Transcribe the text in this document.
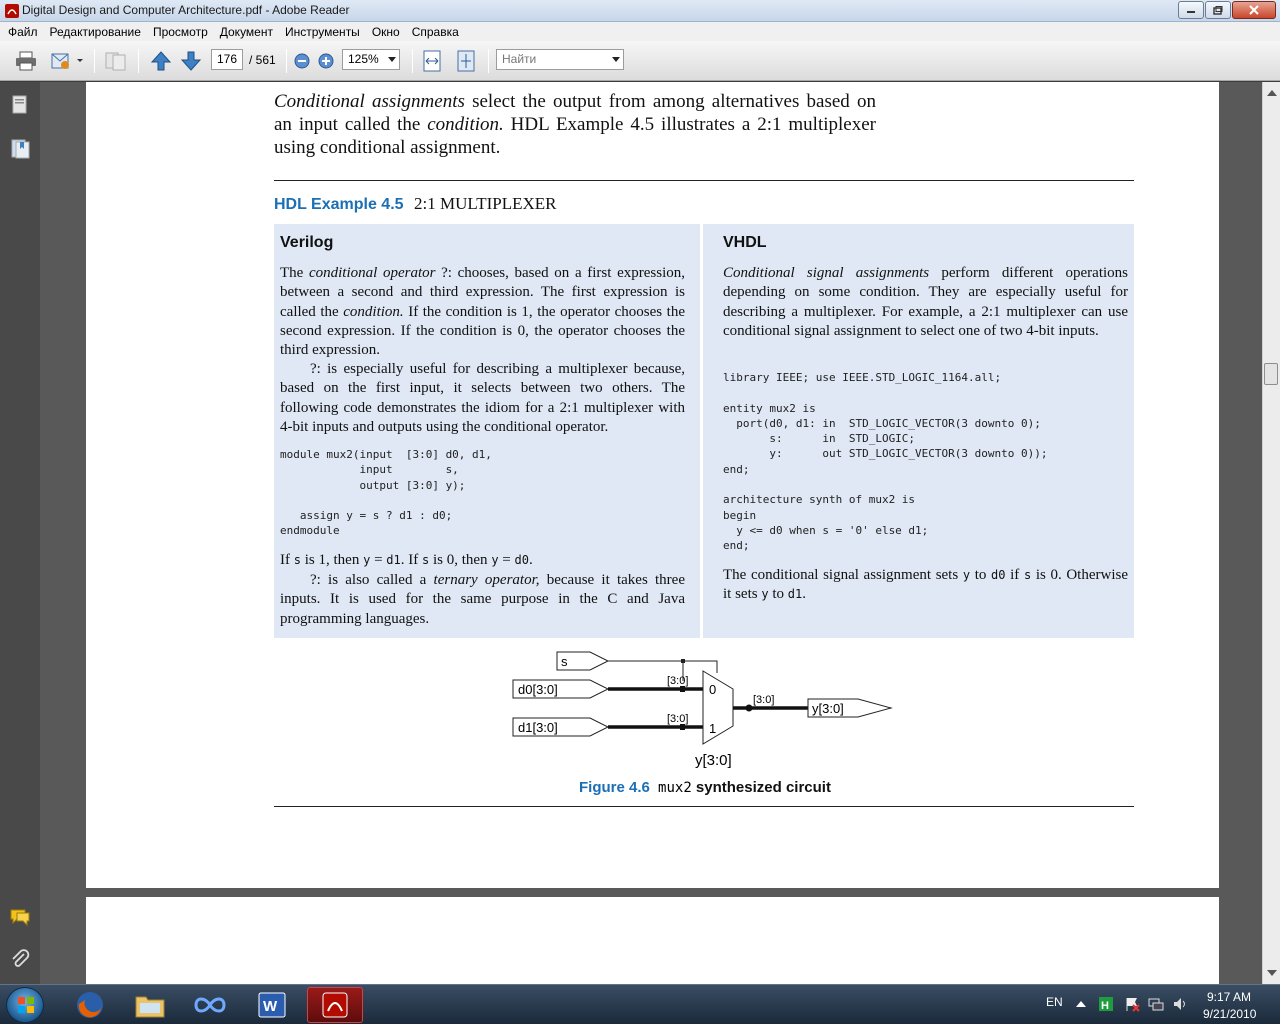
Digital Design and Computer Architecture.pdf - Adobe Reader
Файл	Редактирование	Просмотр	Документ	Инструменты	Окно	Справка
176 / 561	125%	Найти
Conditional assignments select the output from among alternatives based on an input called the condition. HDL Example 4.5 illustrates a 2:1 multiplexer using conditional assignment.
HDL Example 4.5 2:1 MULTIPLEXER
Verilog
The conditional operator ?: chooses, based on a first expression, between a second and third expression. The first expression is called the condition. If the condition is 1, the operator chooses the second expression. If the condition is 0, the operator chooses the third expression.
?: is especially useful for describing a multiplexer because, based on the first input, it selects between two others. The following code demonstrates the idiom for a 2:1 multiplexer with 4-bit inputs and outputs using the conditional operator.
module mux2(input  [3:0] d0, d1,
input        s,
output [3:0] y);

assign y = s ? d1 : d0;
endmodule
If s is 1, then y = d1. If s is 0, then y = d0.
?: is also called a ternary operator, because it takes three inputs. It is used for the same purpose in the C and Java programming languages.
VHDL
Conditional signal assignments perform different operations depending on some condition. They are especially useful for describing a multiplexer. For example, a 2:1 multiplexer can use conditional signal assignment to select one of two 4-bit inputs.
library IEEE; use IEEE.STD_LOGIC_1164.all;

entity mux2 is
port(d0, d1: in  STD_LOGIC_VECTOR(3 downto 0);
s:      in  STD_LOGIC;
y:      out STD_LOGIC_VECTOR(3 downto 0));
end;

architecture synth of mux2 is
begin
y <= d0 when s = '0' else d1;
end;
The conditional signal assignment sets y to d0 if s is 0. Otherwise it sets y to d1.
s
d0[3:0]
[3:0]
d1[3:0]
[3:0]
0
1
y[3:0]
[3:0]
y[3:0]
Figure 4.6 mux2 synthesized circuit
W	EN	H
9:17 AM
9/21/2010
